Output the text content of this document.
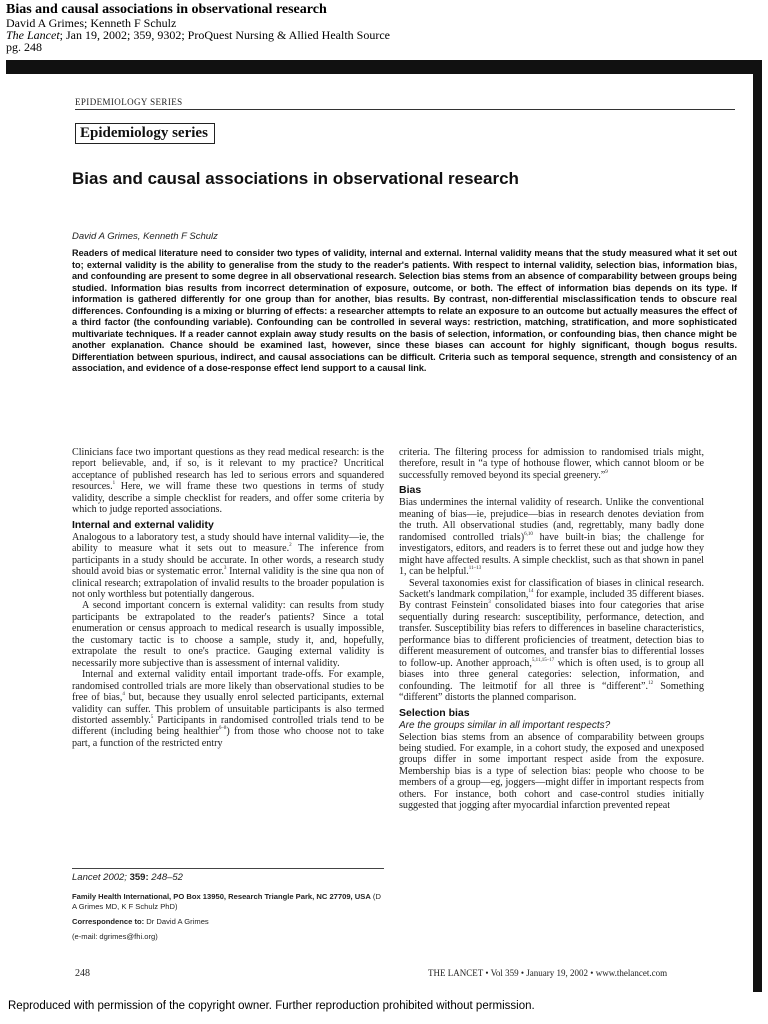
Bias and causal associations in observational research
David A Grimes; Kenneth F Schulz
The Lancet; Jan 19, 2002; 359, 9302; ProQuest Nursing & Allied Health Source
pg. 248
EPIDEMIOLOGY SERIES
Epidemiology series
Bias and causal associations in observational research
David A Grimes, Kenneth F Schulz
Readers of medical literature need to consider two types of validity, internal and external. Internal validity means that the study measured what it set out to; external validity is the ability to generalise from the study to the reader's patients. With respect to internal validity, selection bias, information bias, and confounding are present to some degree in all observational research. Selection bias stems from an absence of comparability between groups being studied. Information bias results from incorrect determination of exposure, outcome, or both. The effect of information bias depends on its type. If information is gathered differently for one group than for another, bias results. By contrast, non-differential misclassification tends to obscure real differences. Confounding is a mixing or blurring of effects: a researcher attempts to relate an exposure to an outcome but actually measures the effect of a third factor (the confounding variable). Confounding can be controlled in several ways: restriction, matching, stratification, and more sophisticated multivariate techniques. If a reader cannot explain away study results on the basis of selection, information, or confounding bias, then chance might be another explanation. Chance should be examined last, however, since these biases can account for highly significant, though bogus results. Differentiation between spurious, indirect, and causal associations can be difficult. Criteria such as temporal sequence, strength and consistency of an association, and evidence of a dose-response effect lend support to a causal link.

Clinicians face two important questions as they read medical research: is the report believable, and, if so, is it relevant to my practice? Uncritical acceptance of published research has led to serious errors and squandered resources.$^1$ Here, we will frame these two questions in terms of study validity, describe a simple checklist for readers, and offer some criteria by which to judge reported associations.

Internal and external validity

Analogous to a laboratory test, a study should have internal validity—ie, the ability to measure what it sets out to measure.$^2$ The inference from participants in a study should be accurate. In other words, a research study should avoid bias or systematic error.$^3$ Internal validity is the sine qua non of clinical research; extrapolation of invalid results to the broader population is not only worthless but potentially dangerous.

A second important concern is external validity: can results from study participants be extrapolated to the reader's patients? Since a total enumeration or census approach to medical research is usually impossible, the customary tactic is to choose a sample, study it, and, hopefully, extrapolate the result to one's practice. Gauging external validity is necessarily more subjective than is assessment of internal validity.

Internal and external validity entail important trade-offs. For example, randomised controlled trials are more likely than observational studies to be free of bias,$^4$ but, because they usually enrol selected participants, external validity can suffer. This problem of unsuitable participants is also termed distorted assembly.$^5$ Participants in randomised controlled trials tend to be different (including being healthier$^{6-8}$) from those who choose not to take part, a function of the restricted entry

Lancet 2002; 359: 248–52
Family Health International, PO Box 13950, Research Triangle Park, NC 27709, USA (D A Grimes MD, K F Schulz PhD)
Correspondence to: Dr David A Grimes
(e-mail: dgrimes@fhi.org)

criteria. The filtering process for admission to randomised trials might, therefore, result in “a type of hothouse flower, which cannot bloom or be successfully removed beyond its special greenery.”$^9$

Bias

Bias undermines the internal validity of research. Unlike the conventional meaning of bias—ie, prejudice—bias in research denotes deviation from the truth. All observational studies (and, regrettably, many badly done randomised controlled trials)$^{6,10}$ have built-in bias; the challenge for investigators, editors, and readers is to ferret these out and judge how they might have affected results. A simple checklist, such as that shown in panel 1, can be helpful.$^{11-13}$

Several taxonomies exist for classification of biases in clinical research. Sackett's landmark compilation,$^{14}$ for example, included 35 different biases. By contrast Feinstein$^3$ consolidated biases into four categories that arise sequentially during research: susceptibility, performance, detection, and transfer. Susceptibility bias refers to differences in baseline characteristics, performance bias to different proficiencies of treatment, detection bias to different measurement of outcomes, and transfer bias to differential losses to follow-up. Another approach,$^{5,11,15-17}$ which is often used, is to group all biases into three general categories: selection, information, and confounding. The leitmotif for all three is “different”.$^{12}$ Something “different” distorts the planned comparison.

Selection bias
Are the groups similar in all important respects?

Selection bias stems from an absence of comparability between groups being studied. For example, in a cohort study, the exposed and unexposed groups differ in some important respect aside from the exposure. Membership bias is a type of selection bias: people who choose to be members of a group—eg, joggers—might differ in important respects from others. For instance, both cohort and case-control studies initially suggested that jogging after myocardial infarction prevented repeat

248	THE LANCET • Vol 359 • January 19, 2002 • www.thelancet.com
Reproduced with permission of the copyright owner. Further reproduction prohibited without permission.
